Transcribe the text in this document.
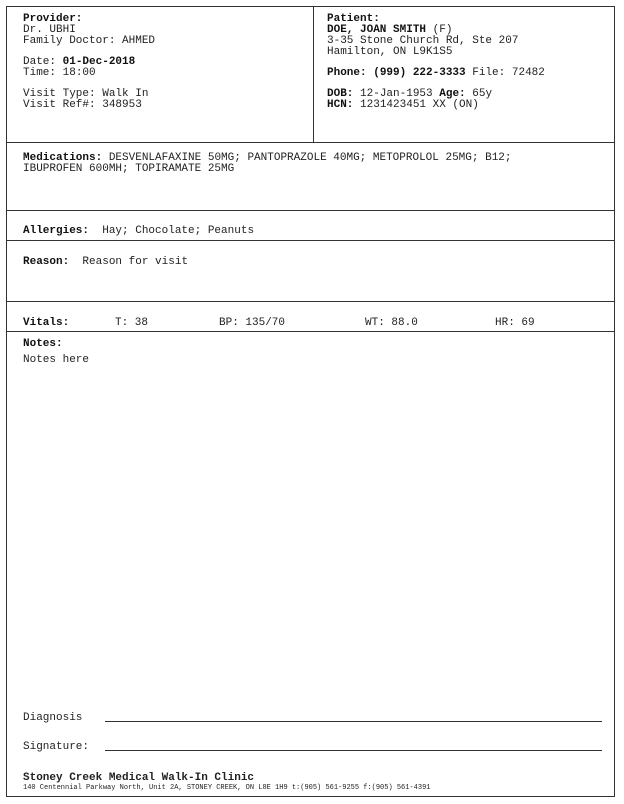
Provider:
Dr. UBHI
Family Doctor: AHMED
Date: 01-Dec-2018
Time: 18:00
Visit Type: Walk In
Visit Ref#: 348953
Patient:
DOE, JOAN SMITH (F)
3-35 Stone Church Rd, Ste 207
Hamilton, ON L9K1S5
Phone: (999) 222-3333 File: 72482
DOB: 12-Jan-1953 Age: 65y
HCN: 1231423451 XX (ON)
Medications: DESVENLAFAXINE 50MG; PANTOPRAZOLE 40MG; METOPROLOL 25MG; B12;
IBUPROFEN 600MH; TOPIRAMATE 25MG
Allergies: Hay; Chocolate; Peanuts
Reason: Reason for visit
Vitals:	T: 38	BP: 135/70	WT: 88.0	HR: 69
Notes:
Notes here
Diagnosis
Signature:
Stoney Creek Medical Walk-In Clinic
140 Centennial Parkway North, Unit 2A, STONEY CREEK, ON L8E 1H9 t:(905) 561-9255 f:(905) 561-4391
